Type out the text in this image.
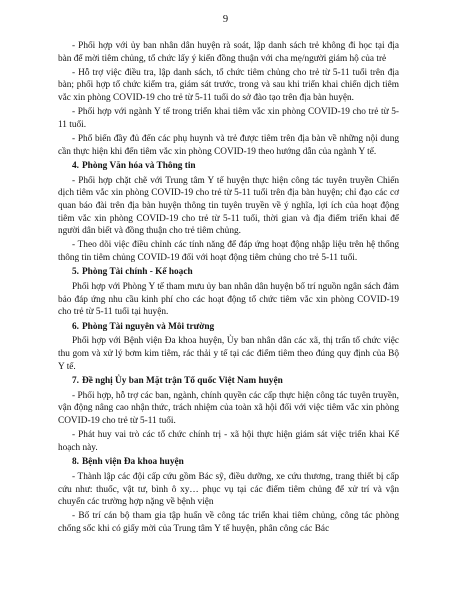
9

- Phối hợp với ủy ban nhân dân huyện rà soát, lập danh sách trẻ không đi học tại địa bàn để mời tiêm chủng, tổ chức lấy ý kiến đồng thuận với cha mẹ/người giám hộ của trẻ

- Hỗ trợ việc điều tra, lập danh sách, tổ chức tiêm chủng cho trẻ từ 5-11 tuổi trên địa bàn; phối hợp tổ chức kiểm tra, giám sát trước, trong và sau khi triển khai chiến dịch tiêm vắc xin phòng COVID-19 cho trẻ từ 5-11 tuổi do sở đào tạo trên địa bàn huyện.

- Phối hợp với ngành Y tế trong triển khai tiêm vắc xin phòng COVID-19 cho trẻ từ 5-11 tuổi.

- Phổ biến đầy đủ đến các phụ huynh và trẻ được tiêm trên địa bàn về những nội dung cần thực hiện khi đến tiêm vắc xin phòng COVID-19 theo hướng dẫn của ngành Y tế.

4. Phòng Văn hóa và Thông tin

- Phối hợp chặt chẽ với Trung tâm Y tế huyện thực hiện công tác tuyên truyền Chiến dịch tiêm vắc xin phòng COVID-19 cho trẻ từ 5-11 tuổi trên địa bàn huyện; chỉ đạo các cơ quan báo đài trên địa bàn huyện thông tin tuyên truyền về ý nghĩa, lợi ích của hoạt động tiêm vắc xin phòng COVID-19 cho trẻ từ 5-11 tuổi, thời gian và địa điểm triển khai để người dân biết và đồng thuận cho trẻ tiêm chủng.

- Theo dõi việc điều chỉnh các tính năng để đáp ứng hoạt động nhập liệu trên hệ thống thông tin tiêm chủng COVID-19 đối với hoạt động tiêm chủng cho trẻ 5-11 tuổi.

5. Phòng Tài chính - Kế hoạch

Phối hợp với Phòng Y tế tham mưu ủy ban nhân dân huyện bố trí nguồn ngân sách đảm bảo đáp ứng nhu cầu kinh phí cho các hoạt động tổ chức tiêm vắc xin phòng COVID-19 cho trẻ từ 5-11 tuổi tại huyện.

6. Phòng Tài nguyên và Môi trường

Phối hợp với Bệnh viện Đa khoa huyện, Ủy ban nhân dân các xã, thị trấn tổ chức việc thu gom và xử lý bơm kim tiêm, rác thải y tế tại các điểm tiêm theo đúng quy định của Bộ Y tế.

7. Đề nghị Ủy ban Mặt trận Tổ quốc Việt Nam huyện

- Phối hợp, hỗ trợ các ban, ngành, chính quyền các cấp thực hiện công tác tuyên truyền, vận động nâng cao nhận thức, trách nhiệm của toàn xã hội đối với việc tiêm vắc xin phòng COVID-19 cho trẻ từ 5-11 tuổi.

- Phát huy vai trò các tổ chức chính trị - xã hội thực hiện giám sát việc triển khai Kế hoạch này.

8. Bệnh viện Đa khoa huyện

- Thành lập các đội cấp cứu gồm Bác sỹ, điều dưỡng, xe cứu thương, trang thiết bị cấp cứu như: thuốc, vật tư, bình ô xy… phục vụ tại các điểm tiêm chủng để xử trí và vận chuyển các trường hợp nặng về bệnh viện

- Bố trí cán bộ tham gia tập huấn về công tác triển khai tiêm chủng, công tác phòng chống sốc khi có giấy mời của Trung tâm Y tế huyện, phân công các Bác
